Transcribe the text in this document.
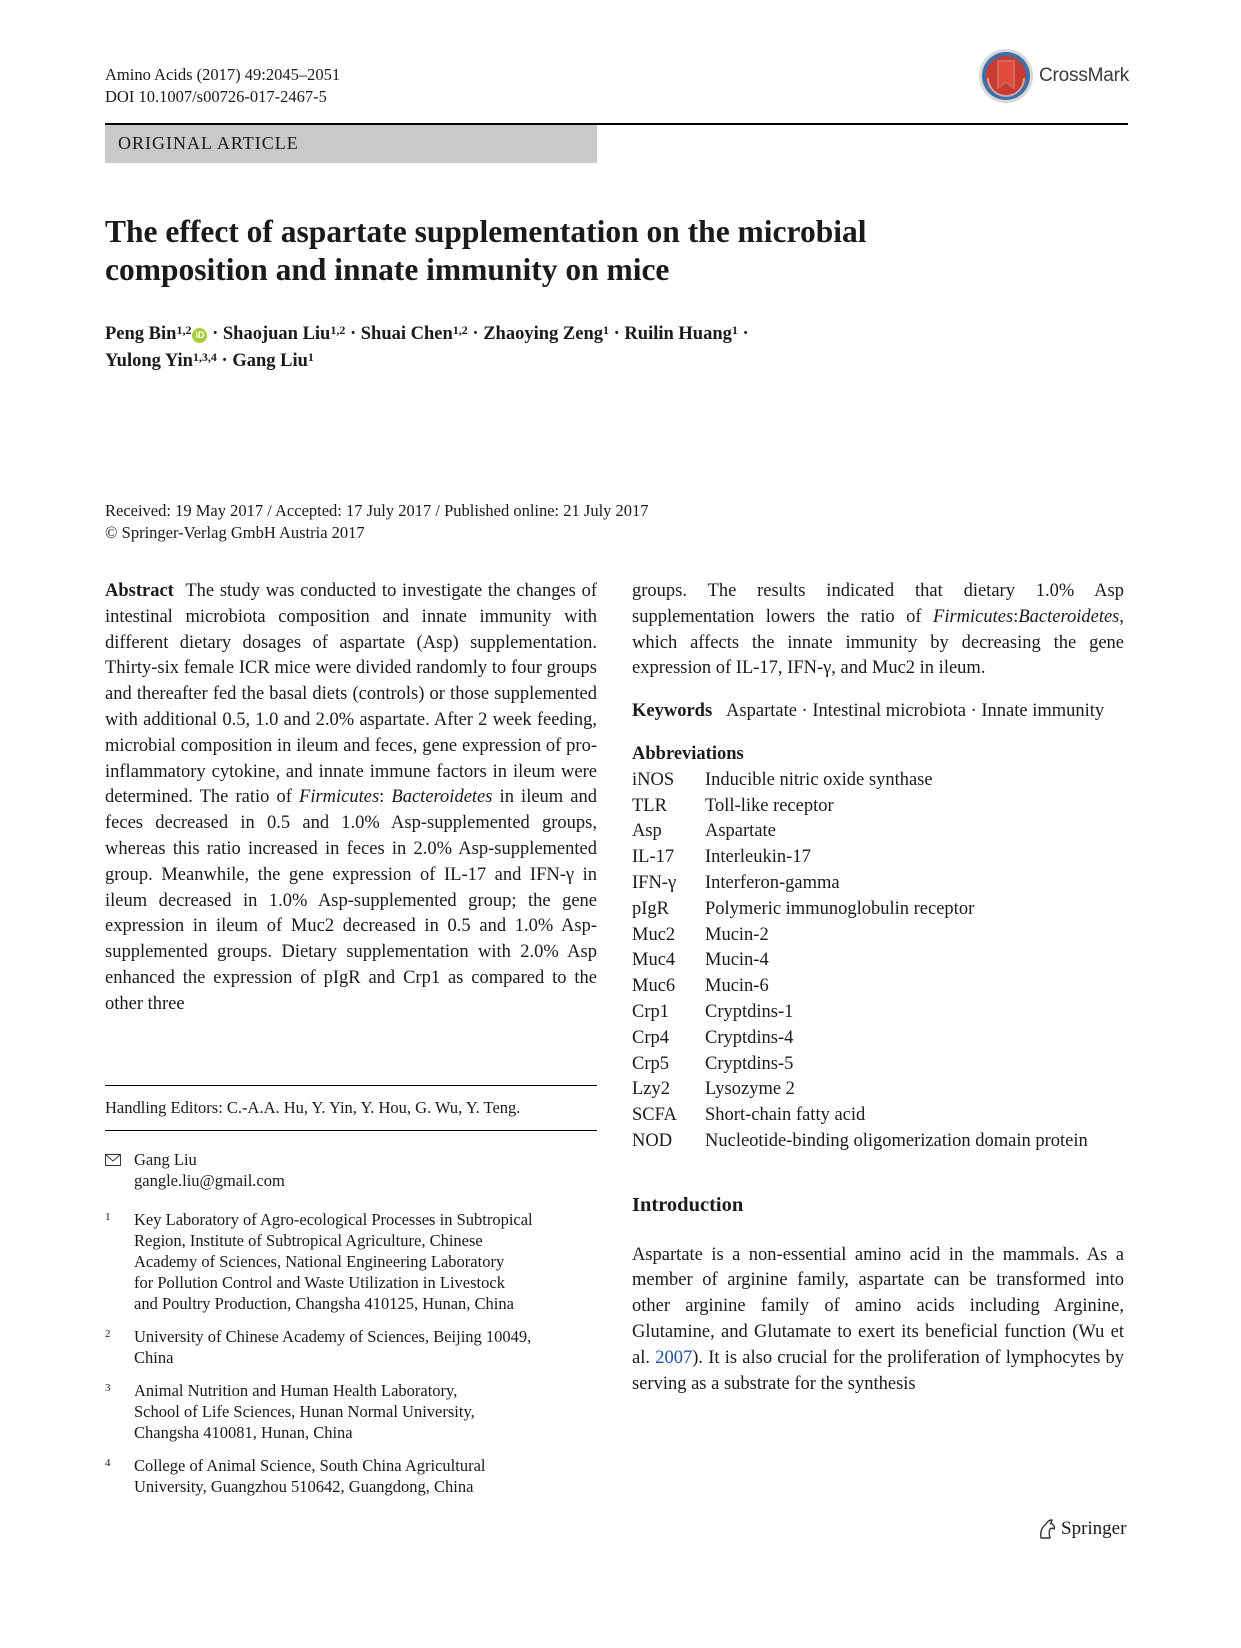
Amino Acids (2017) 49:2045–2051
DOI 10.1007/s00726-017-2467-5
CrossMark
ORIGINAL ARTICLE
The effect of aspartate supplementation on the microbial
composition and innate immunity on mice
Peng Bin$^{1,2}$ iD · Shaojuan Liu$^{1,2}$ · Shuai Chen$^{1,2}$ · Zhaoying Zeng$^1$ · Ruilin Huang$^1$ ·
Yulong Yin$^{1,3,4}$ · Gang Liu$^1$
Received: 19 May 2017 / Accepted: 17 July 2017 / Published online: 21 July 2017
© Springer-Verlag GmbH Austria 2017
Abstract The study was conducted to investigate the changes of intestinal microbiota composition and innate immunity with different dietary dosages of aspartate (Asp) supplementation. Thirty-six female ICR mice were divided randomly to four groups and thereafter fed the basal diets (controls) or those supplemented with additional 0.5, 1.0 and 2.0% aspartate. After 2 week feeding, microbial composition in ileum and feces, gene expression of pro-inflammatory cytokine, and innate immune factors in ileum were determined. The ratio of Firmicutes: Bacteroidetes in ileum and feces decreased in 0.5 and 1.0% Asp-supplemented groups, whereas this ratio increased in feces in 2.0% Asp-supplemented group. Meanwhile, the gene expression of IL-17 and IFN-γ in ileum decreased in 1.0% Asp-supplemented group; the gene expression in ileum of Muc2 decreased in 0.5 and 1.0% Asp-supplemented groups. Dietary supplementation with 2.0% Asp enhanced the expression of pIgR and Crp1 as compared to the other three
Handling Editors: C.-A.A. Hu, Y. Yin, Y. Hou, G. Wu, Y. Teng.
Gang Liu
gangle.liu@gmail.com
1 Key Laboratory of Agro-ecological Processes in Subtropical
Region, Institute of Subtropical Agriculture, Chinese
Academy of Sciences, National Engineering Laboratory
for Pollution Control and Waste Utilization in Livestock
and Poultry Production, Changsha 410125, Hunan, China
2 University of Chinese Academy of Sciences, Beijing 10049,
China
3 Animal Nutrition and Human Health Laboratory,
School of Life Sciences, Hunan Normal University,
Changsha 410081, Hunan, China
4 College of Animal Science, South China Agricultural
University, Guangzhou 510642, Guangdong, China
groups. The results indicated that dietary 1.0% Asp supplementation lowers the ratio of Firmicutes:Bacteroidetes, which affects the innate immunity by decreasing the gene expression of IL-17, IFN-γ, and Muc2 in ileum.
Keywords Aspartate · Intestinal microbiota · Innate immunity
Abbreviations
iNOS	Inducible nitric oxide synthase
TLR	Toll-like receptor
Asp	Aspartate
IL-17	Interleukin-17
IFN-γ	Interferon-gamma
pIgR	Polymeric immunoglobulin receptor
Muc2	Mucin-2
Muc4	Mucin-4
Muc6	Mucin-6
Crp1	Cryptdins-1
Crp4	Cryptdins-4
Crp5	Cryptdins-5
Lzy2	Lysozyme 2
SCFA	Short-chain fatty acid
NOD	Nucleotide-binding oligomerization domain protein
Introduction
Aspartate is a non-essential amino acid in the mammals. As a member of arginine family, aspartate can be transformed into other arginine family of amino acids including Arginine, Glutamine, and Glutamate to exert its beneficial function (Wu et al. 2007). It is also crucial for the proliferation of lymphocytes by serving as a substrate for the synthesis
Springer
